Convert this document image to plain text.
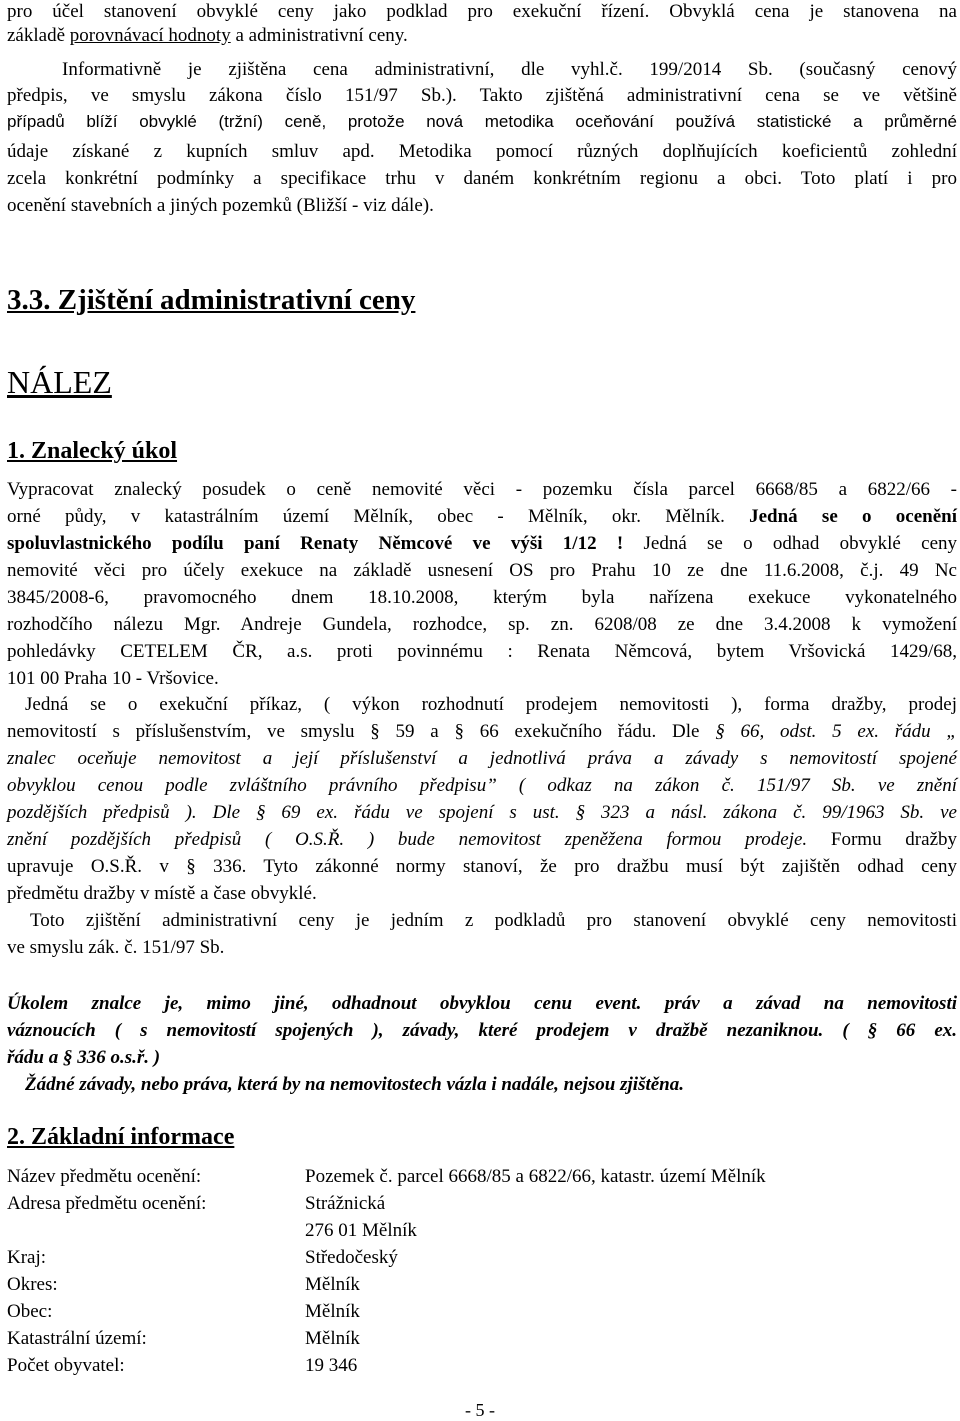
pro účel stanovení obvyklé ceny jako podklad pro exekuční řízení. Obvyklá cena je stanovena na

základě porovnávací hodnoty a administrativní ceny.

Informativně je zjištěna cena administrativní, dle vyhl.č. 199/2014 Sb. (současný cenový

předpis, ve smyslu zákona číslo 151/97 Sb.). Takto zjištěná administrativní cena se ve většině

případů blíží obvyklé (tržní) ceně, protože nová metodika oceňování používá statistické a průměrné

údaje získané z kupních smluv apd. Metodika pomocí různých doplňujících koeficientů zohlední

zcela konkrétní podmínky a specifikace trhu v daném konkrétním regionu a obci. Toto platí i pro

ocenění stavebních a jiných pozemků (Bližší - viz dále).

3.3. Zjištění administrativní ceny
NÁLEZ
1. Znalecký úkol

Vypracovat znalecký posudek o ceně nemovité věci - pozemku čísla parcel 6668/85 a 6822/66 -

orné půdy, v katastrálním území Mělník, obec - Mělník, okr. Mělník. Jedná se o ocenění

spoluvlastnického podílu paní Renaty Němcové ve výši 1/12 ! Jedná se o odhad obvyklé ceny

nemovité věci pro účely exekuce na základě usnesení OS pro Prahu 10 ze dne 11.6.2008, č.j. 49 Nc

3845/2008-6, pravomocného dnem 18.10.2008, kterým byla nařízena exekuce vykonatelného

rozhodčího nálezu Mgr. Andreje Gundela, rozhodce, sp. zn. 6208/08 ze dne 3.4.2008 k vymožení

pohledávky CETELEM ČR, a.s. proti povinnému : Renata Němcová, bytem Vršovická 1429/68,

101 00 Praha 10 - Vršovice.

Jedná se o exekuční příkaz, ( výkon rozhodnutí prodejem nemovitosti ), forma dražby, prodej

nemovitostí s příslušenstvím, ve smyslu § 59 a § 66 exekučního řádu. Dle § 66, odst. 5 ex. řádu „

znalec oceňuje nemovitost a její příslušenství a jednotlivá práva a závady s nemovitostí spojené

obvyklou cenou podle zvláštního právního předpisu” ( odkaz na zákon č. 151/97 Sb. ve znění

pozdějších předpisů ). Dle § 69 ex. řádu ve spojení s ust. § 323 a násl. zákona č. 99/1963 Sb. ve

znění pozdějších předpisů ( O.S.Ř. ) bude nemovitost zpeněžena formou prodeje. Formu dražby

upravuje O.S.Ř. v § 336. Tyto zákonné normy stanoví, že pro dražbu musí být zajištěn odhad ceny

předmětu dražby v místě a čase obvyklé.

Toto zjištění administrativní ceny je jedním z podkladů pro stanovení obvyklé ceny nemovitosti

ve smyslu zák. č. 151/97 Sb.

Úkolem znalce je, mimo jiné, odhadnout obvyklou cenu event. práv a závad na nemovitosti

váznoucích ( s nemovitostí spojených ), závady, které prodejem v dražbě nezaniknou. ( § 66 ex.

řádu a § 336 o.s.ř. )

Žádné závady, nebo práva, která by na nemovitostech vázla i nadále, nejsou zjištěna.

2. Základní informace
Název předmětu ocenění:	Pozemek č. parcel 6668/85 a 6822/66, katastr. území Mělník
Adresa předmětu ocenění:	Strážnická
276 01 Mělník
Kraj:	Středočeský
Okres:	Mělník
Obec:	Mělník
Katastrální území:	Mělník
Počet obyvatel:	19 346
- 5 -
